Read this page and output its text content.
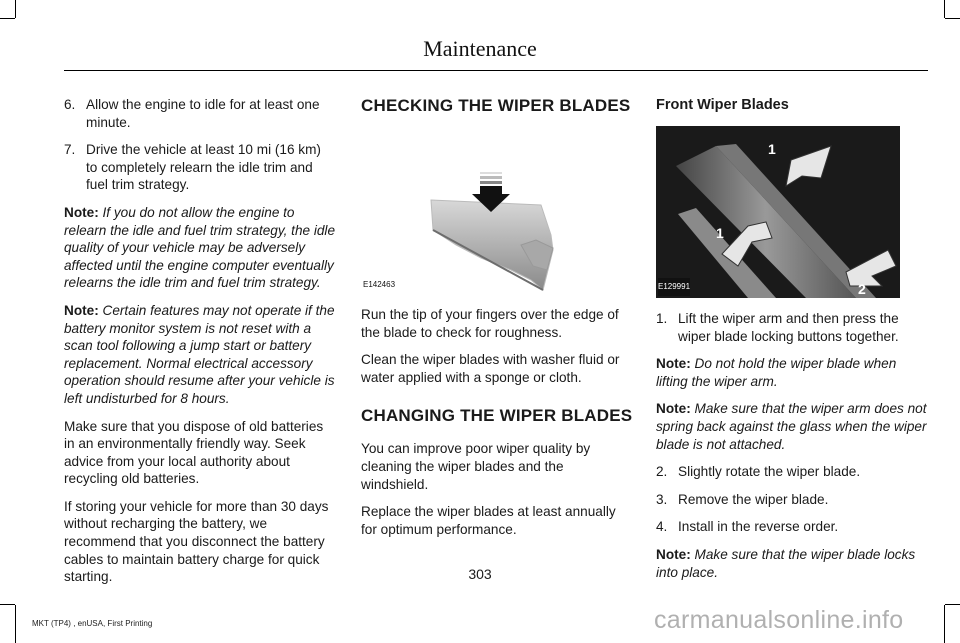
Maintenance
6. Allow the engine to idle for at least one minute.
7. Drive the vehicle at least 10 mi (16 km) to completely relearn the idle trim and fuel trim strategy.

Note: If you do not allow the engine to relearn the idle and fuel trim strategy, the idle quality of your vehicle may be adversely affected until the engine computer eventually relearns the idle trim and fuel trim strategy.

Note: Certain features may not operate if the battery monitor system is not reset with a scan tool following a jump start or battery replacement. Normal electrical accessory operation should resume after your vehicle is left undisturbed for 8 hours.

Make sure that you dispose of old batteries in an environmentally friendly way. Seek advice from your local authority about recycling old batteries.

If storing your vehicle for more than 30 days without recharging the battery, we recommend that you disconnect the battery cables to maintain battery charge for quick starting.

CHECKING THE WIPER BLADES
E142463

Run the tip of your fingers over the edge of the blade to check for roughness.

Clean the wiper blades with washer fluid or water applied with a sponge or cloth.

CHANGING THE WIPER BLADES

You can improve poor wiper quality by cleaning the wiper blades and the windshield.

Replace the wiper blades at least annually for optimum performance.

Front Wiper Blades
1
1
2
E129991
1. Lift the wiper arm and then press the wiper blade locking buttons together.

Note: Do not hold the wiper blade when lifting the wiper arm.

Note: Make sure that the wiper arm does not spring back against the glass when the wiper blade is not attached.

2. Slightly rotate the wiper blade.
3. Remove the wiper blade.
4. Install in the reverse order.

Note: Make sure that the wiper blade locks into place.

303
MKT (TP4) , enUSA, First Printing	carmanualsonline.info
